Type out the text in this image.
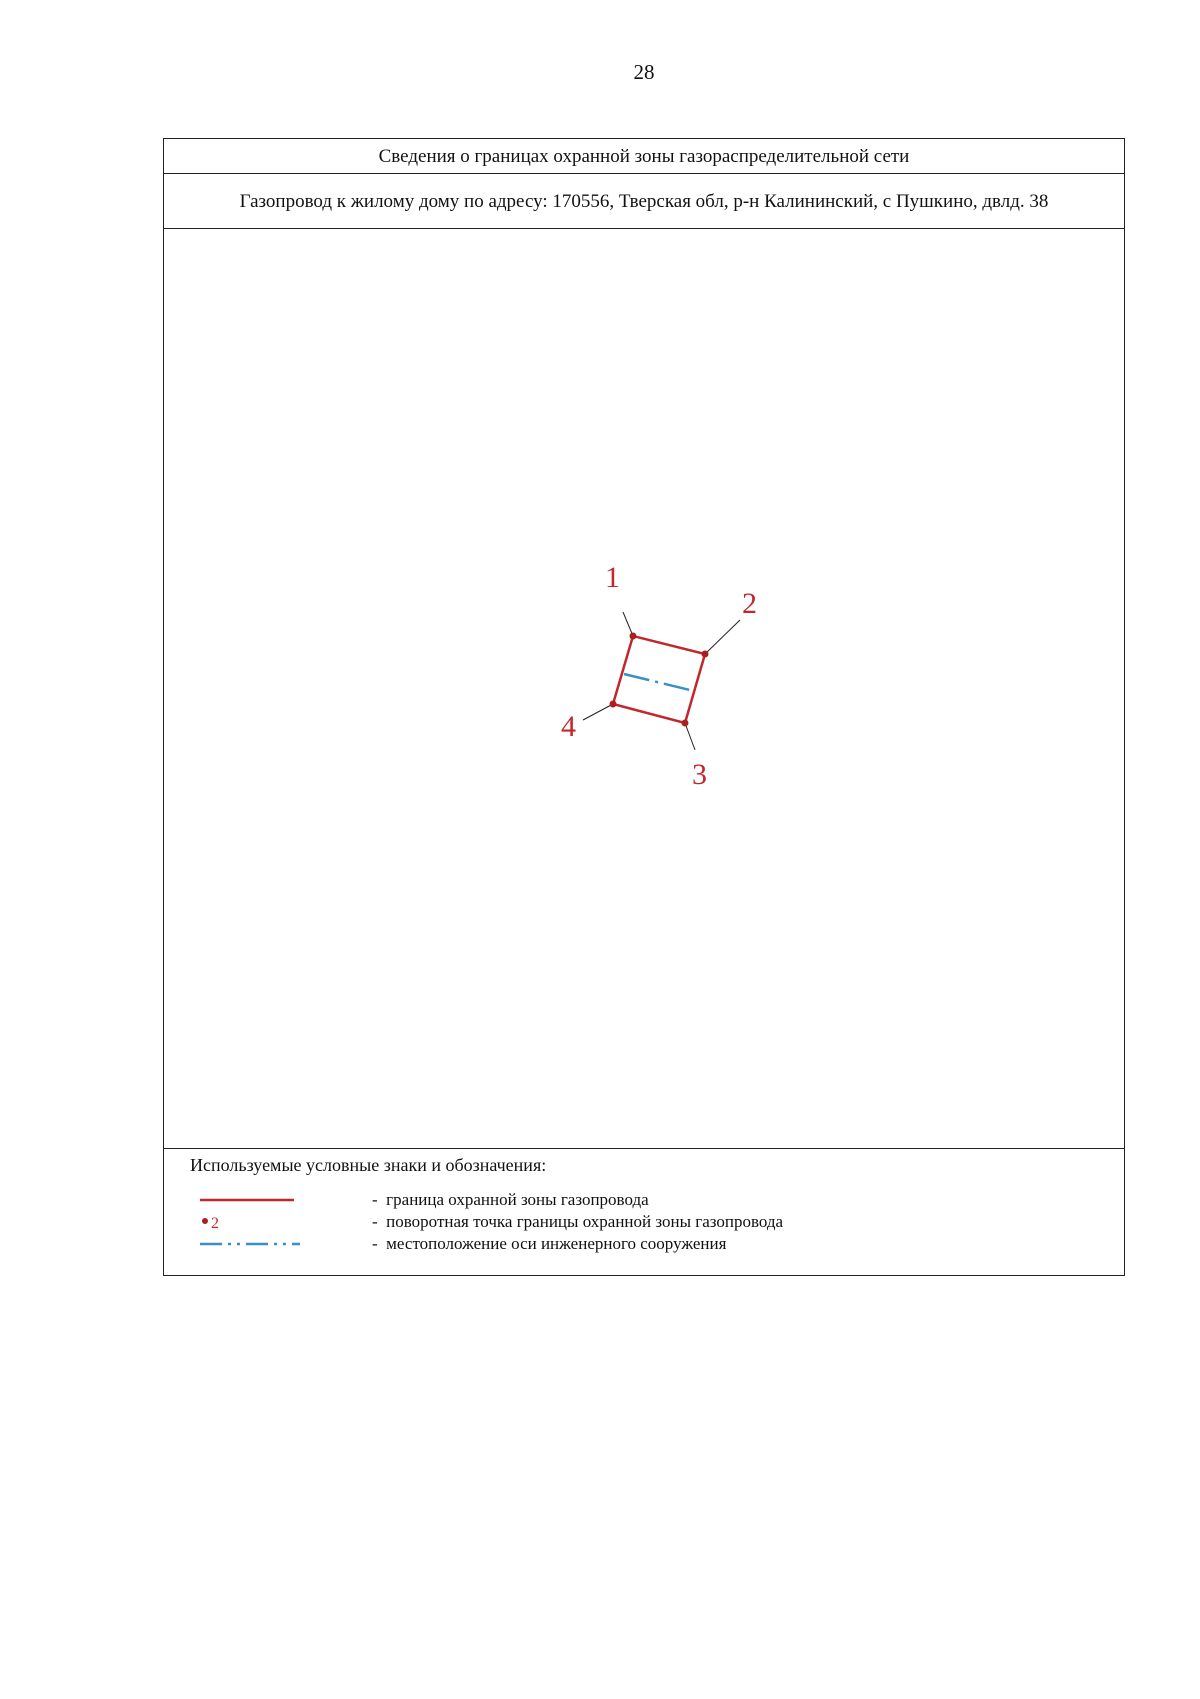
28
Сведения о границах охранной зоны газораспределительной сети
Газопровод к жилому дому по адресу: 170556, Тверская обл, р-н Калининский, с Пушкино, двлд. 38
1
2
3
4
Используемые условные знаки и обозначения:
- граница охранной зоны газопровода
2	- поворотная точка границы охранной зоны газопровода
- местоположение оси инженерного сооружения
